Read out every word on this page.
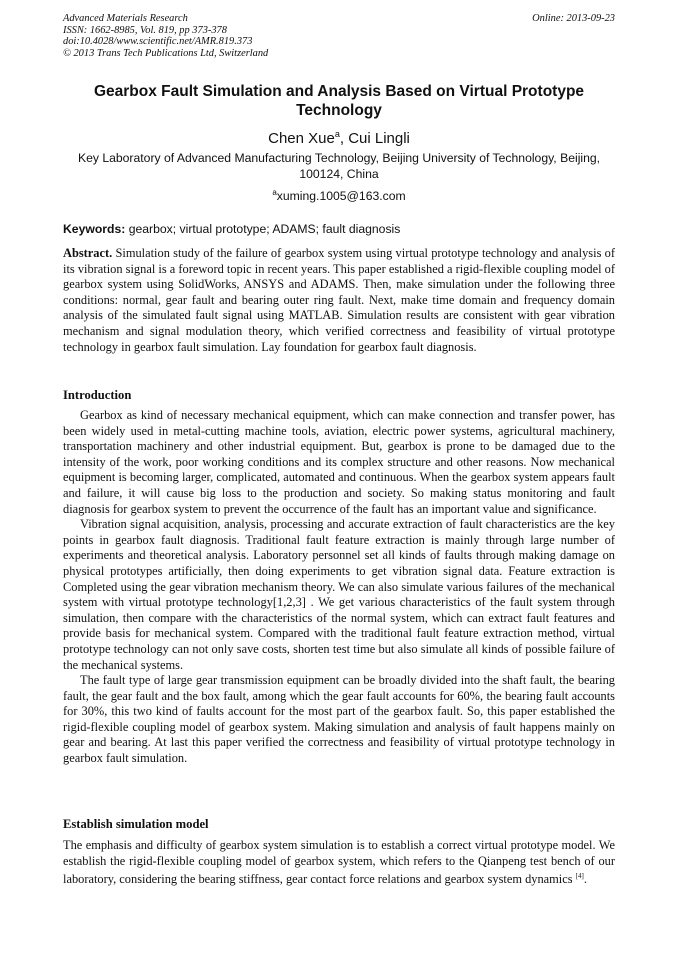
Advanced Materials Research
ISSN: 1662-8985, Vol. 819, pp 373-378
doi:10.4028/www.scientific.net/AMR.819.373
© 2013 Trans Tech Publications Ltd, Switzerland
Online: 2013-09-23
Gearbox Fault Simulation and Analysis Based on Virtual Prototype Technology
Chen Xue$^a$, Cui Lingli
Key Laboratory of Advanced Manufacturing Technology, Beijing University of Technology, Beijing, 100124, China
$^a$xuming.1005@163.com
Keywords: gearbox; virtual prototype; ADAMS; fault diagnosis
Abstract. Simulation study of the failure of gearbox system using virtual prototype technology and analysis of its vibration signal is a foreword topic in recent years. This paper established a rigid-flexible coupling model of gearbox system using SolidWorks, ANSYS and ADAMS. Then, make simulation under the following three conditions: normal, gear fault and bearing outer ring fault. Next, make time domain and frequency domain analysis of the simulated fault signal using MATLAB. Simulation results are consistent with gear vibration mechanism and signal modulation theory, which verified correctness and feasibility of virtual prototype technology in gearbox fault simulation. Lay foundation for gearbox fault diagnosis.
Introduction

Gearbox as kind of necessary mechanical equipment, which can make connection and transfer power, has been widely used in metal-cutting machine tools, aviation, electric power systems, agricultural machinery, transportation machinery and other industrial equipment. But, gearbox is prone to be damaged due to the intensity of the work, poor working conditions and its complex structure and other reasons. Now mechanical equipment is becoming larger, complicated, automated and continuous. When the gearbox system appears fault and failure, it will cause big loss to the production and society. So making status monitoring and fault diagnosis for gearbox system to prevent the occurrence of the fault has an important value and significance.

Vibration signal acquisition, analysis, processing and accurate extraction of fault characteristics are the key points in gearbox fault diagnosis. Traditional fault feature extraction is mainly through large number of experiments and theoretical analysis. Laboratory personnel set all kinds of faults through making damage on physical prototypes artificially, then doing experiments to get vibration signal data. Feature extraction is Completed using the gear vibration mechanism theory. We can also simulate various failures of the mechanical system with virtual prototype technology[1,2,3] . We get various characteristics of the fault system through simulation, then compare with the characteristics of the normal system, which can extract fault features and provide basis for mechanical system. Compared with the traditional fault feature extraction method, virtual prototype technology can not only save costs, shorten test time but also simulate all kinds of possible failure of the mechanical systems.

The fault type of large gear transmission equipment can be broadly divided into the shaft fault, the bearing fault, the gear fault and the box fault, among which the gear fault accounts for 60%, the bearing fault accounts for 30%, this two kind of faults account for the most part of the gearbox fault. So, this paper established the rigid-flexible coupling model of gearbox system. Making simulation and analysis of fault happens mainly on gear and bearing. At last this paper verified the correctness and feasibility of virtual prototype technology in gearbox fault simulation.

Establish simulation model
The emphasis and difficulty of gearbox system simulation is to establish a correct virtual prototype model. We establish the rigid-flexible coupling model of gearbox system, which refers to the Qianpeng test bench of our laboratory, considering the bearing stiffness, gear contact force relations and gearbox system dynamics [4].
